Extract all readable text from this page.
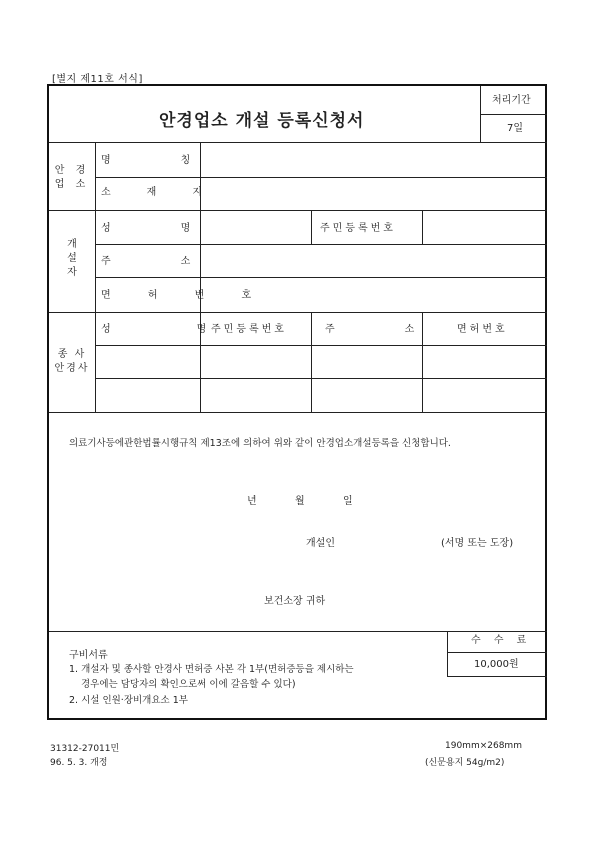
[별지 제11호 서식]
안경업소 개설 등록신청서
처리기간
7일
안 경
업 소
명칭
소재지
개
설
자
성명	주민등록번호
주소
면 허 번 호
종 사
안경사
성명 주민등록번호	주소	면허번호
의료기사등에관한법률시행규칙 제13조에 의하여 위와 같이 안경업소개설등록을 신청합니다.
년	월	일
개설인	(서명 또는 도장)
보건소장 귀하
구비서류
1. 개설자 및 종사할 안경사 면허증 사본 각 1부(면허증등을 제시하는
경우에는 담당자의 확인으로써 이에 갈음할 수 있다)
2. 시설 인원·장비개요소 1부
수 수 료
10,000원
31312-27011민
96. 5. 3. 개정
190mm×268mm
(신문용지 54g/m2)
